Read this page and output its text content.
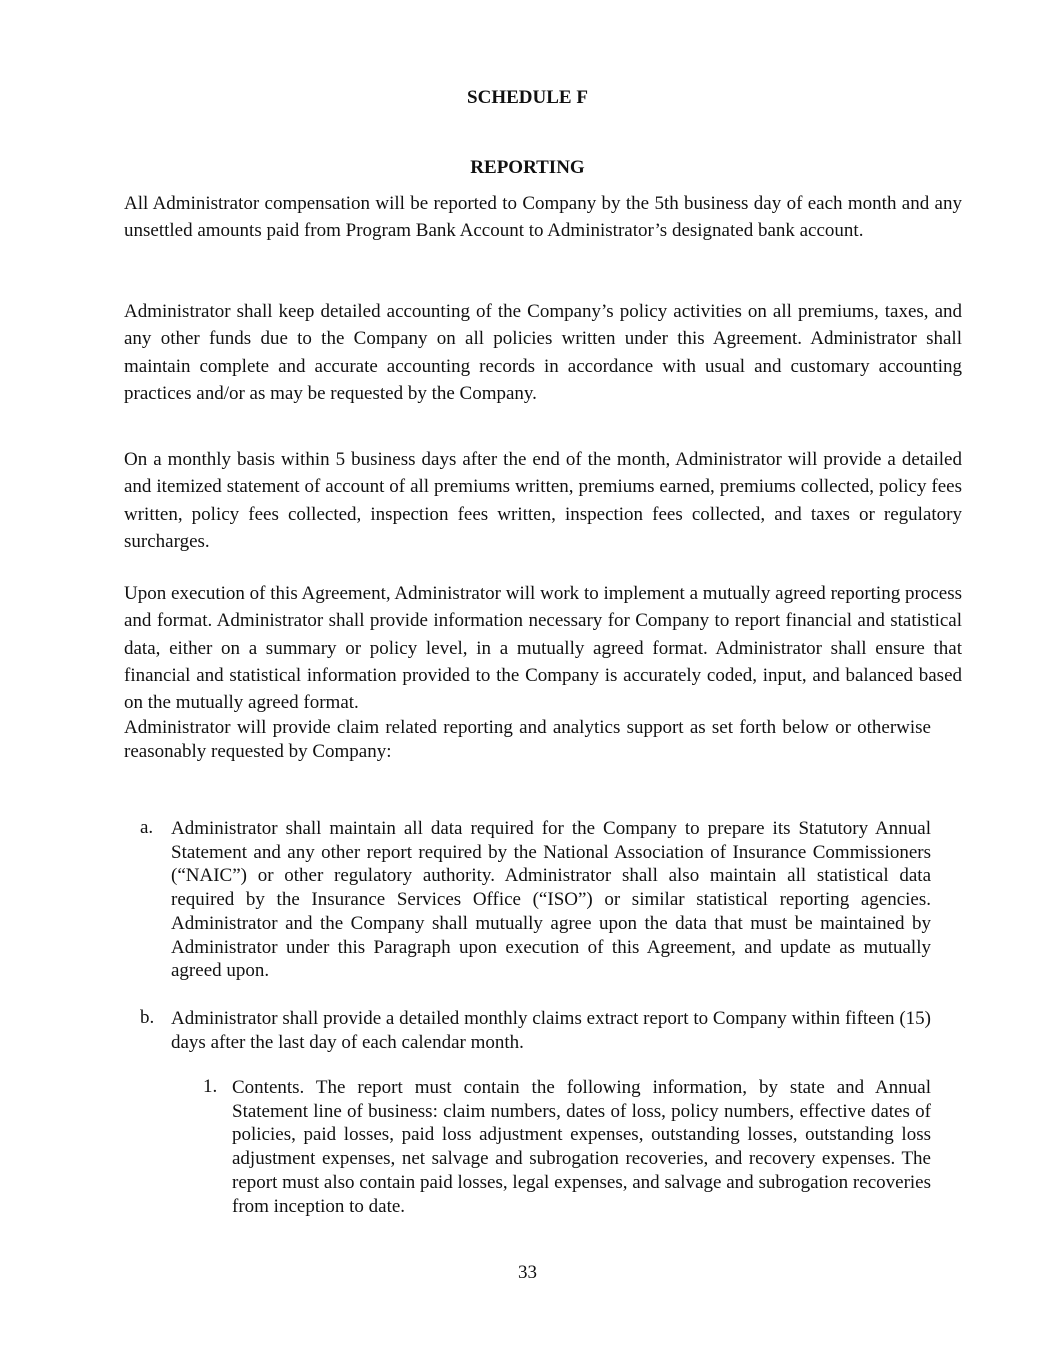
SCHEDULE F

REPORTING

All Administrator compensation will be reported to Company by the 5th business day of each month and any unsettled amounts paid from Program Bank Account to Administrator’s designated bank account.

Administrator shall keep detailed accounting of the Company’s policy activities on all premiums, taxes, and any other funds due to the Company on all policies written under this Agreement. Administrator shall maintain complete and accurate accounting records in accordance with usual and customary accounting practices and/or as may be requested by the Company.

On a monthly basis within 5 business days after the end of the month, Administrator will provide a detailed and itemized statement of account of all premiums written, premiums earned, premiums collected, policy fees written, policy fees collected, inspection fees written, inspection fees collected, and taxes or regulatory surcharges.

Upon execution of this Agreement, Administrator will work to implement a mutually agreed reporting process and format. Administrator shall provide information necessary for Company to report financial and statistical data, either on a summary or policy level, in a mutually agreed format. Administrator shall ensure that financial and statistical information provided to the Company is accurately coded, input, and balanced based on the mutually agreed format.

Administrator will provide claim related reporting and analytics support as set forth below or otherwise reasonably requested by Company:

a. Administrator shall maintain all data required for the Company to prepare its Statutory Annual Statement and any other report required by the National Association of Insurance Commissioners (“NAIC”) or other regulatory authority. Administrator shall also maintain all statistical data required by the Insurance Services Office (“ISO”) or similar statistical reporting agencies. Administrator and the Company shall mutually agree upon the data that must be maintained by Administrator under this Paragraph upon execution of this Agreement, and update as mutually agreed upon.

b. Administrator shall provide a detailed monthly claims extract report to Company within fifteen (15) days after the last day of each calendar month.

1. Contents. The report must contain the following information, by state and Annual Statement line of business: claim numbers, dates of loss, policy numbers, effective dates of policies, paid losses, paid loss adjustment expenses, outstanding losses, outstanding loss adjustment expenses, net salvage and subrogation recoveries, and recovery expenses. The report must also contain paid losses, legal expenses, and salvage and subrogation recoveries from inception to date.

33
